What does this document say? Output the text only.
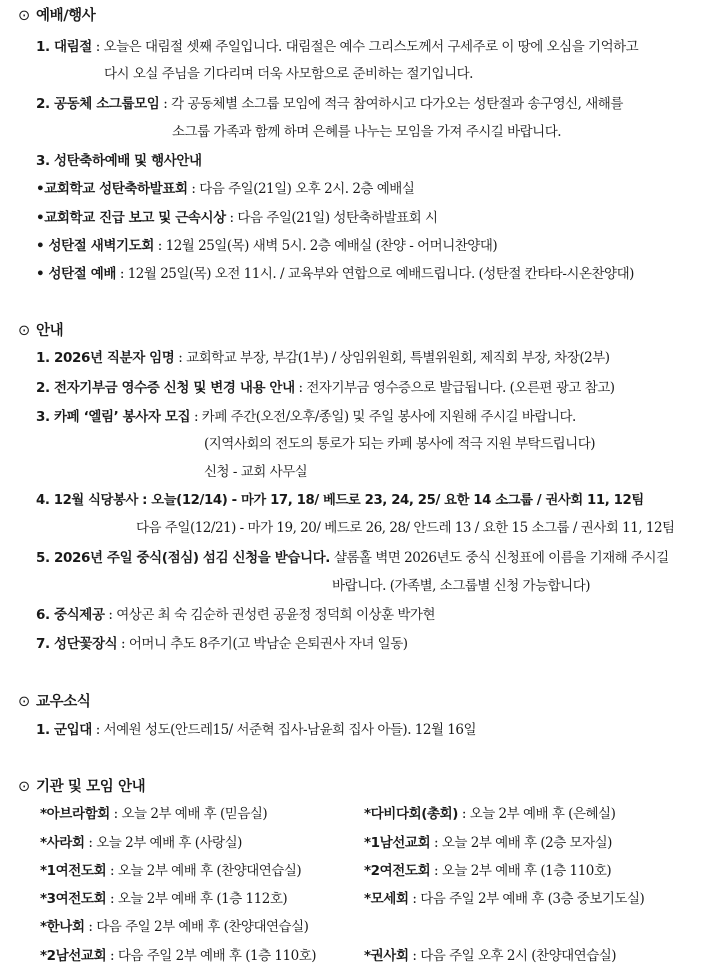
⊙ 예배/행사
1. 대림절 : 오늘은 대림절 셋째 주일입니다. 대림절은 예수 그리스도께서 구세주로 이 땅에 오심을 기억하고
다시 오실 주님을 기다리며 더욱 사모함으로 준비하는 절기입니다.
2. 공동체 소그룹모임 : 각 공동체별 소그룹 모임에 적극 참여하시고 다가오는 성탄절과 송구영신, 새해를
소그룹 가족과 함께 하며 은혜를 나누는 모임을 가져 주시길 바랍니다.
3. 성탄축하예배 및 행사안내
•교회학교 성탄축하발표회 : 다음 주일(21일) 오후 2시. 2층 예배실
•교회학교 진급 보고 및 근속시상 : 다음 주일(21일) 성탄축하발표회 시
• 성탄절 새벽기도회 : 12월 25일(목) 새벽 5시. 2층 예배실 (찬양 - 어머니찬양대)
• 성탄절 예배 : 12월 25일(목) 오전 11시. / 교육부와 연합으로 예배드립니다. (성탄절 칸타타-시온찬양대)
⊙ 안내
1. 2026년 직분자 임명 : 교회학교 부장, 부감(1부) / 상임위원회, 특별위원회, 제직회 부장, 차장(2부)
2. 전자기부금 영수증 신청 및 변경 내용 안내 : 전자기부금 영수증으로 발급됩니다. (오른편 광고 참고)
3. 카페 ‘엘림’ 봉사자 모집 : 카페 주간(오전/오후/종일) 및 주일 봉사에 지원해 주시길 바랍니다.
(지역사회의 전도의 통로가 되는 카페 봉사에 적극 지원 부탁드립니다)
신청 - 교회 사무실
4. 12월 식당봉사 : 오늘(12/14) - 마가 17, 18/ 베드로 23, 24, 25/ 요한 14 소그룹 / 권사회 11, 12팀
다음 주일(12/21) - 마가 19, 20/ 베드로 26, 28/ 안드레 13 / 요한 15 소그룹 / 권사회 11, 12팀
5. 2026년 주일 중식(점심) 섬김 신청을 받습니다. 샬롬홀 벽면 2026년도 중식 신청표에 이름을 기재해 주시길
바랍니다. (가족별, 소그룹별 신청 가능합니다)
6. 중식제공 : 여상곤 최 숙 김순하 권성련 공윤정 정덕희 이상훈 박가현
7. 성단꽃장식 : 어머니 추도 8주기(고 박남순 은퇴권사 자녀 일동)
⊙ 교우소식
1. 군입대 : 서예원 성도(안드레15/ 서준혁 집사-남윤희 집사 아들). 12월 16일
⊙ 기관 및 모임 안내
*아브라함회 : 오늘 2부 예배 후 (믿음실)
*사라회 : 오늘 2부 예배 후 (사랑실)
*1여전도회 : 오늘 2부 예배 후 (찬양대연습실)
*3여전도회 : 오늘 2부 예배 후 (1층 112호)
*한나회 : 다음 주일 2부 예배 후 (찬양대연습실)
*2남선교회 : 다음 주일 2부 예배 후 (1층 110호)
*다비다회(총회) : 오늘 2부 예배 후 (은혜실)
*1남선교회 : 오늘 2부 예배 후 (2층 모자실)
*2여전도회 : 오늘 2부 예배 후 (1층 110호)
*모세회 : 다음 주일 2부 예배 후 (3층 중보기도실)
*권사회 : 다음 주일 오후 2시 (찬양대연습실)
